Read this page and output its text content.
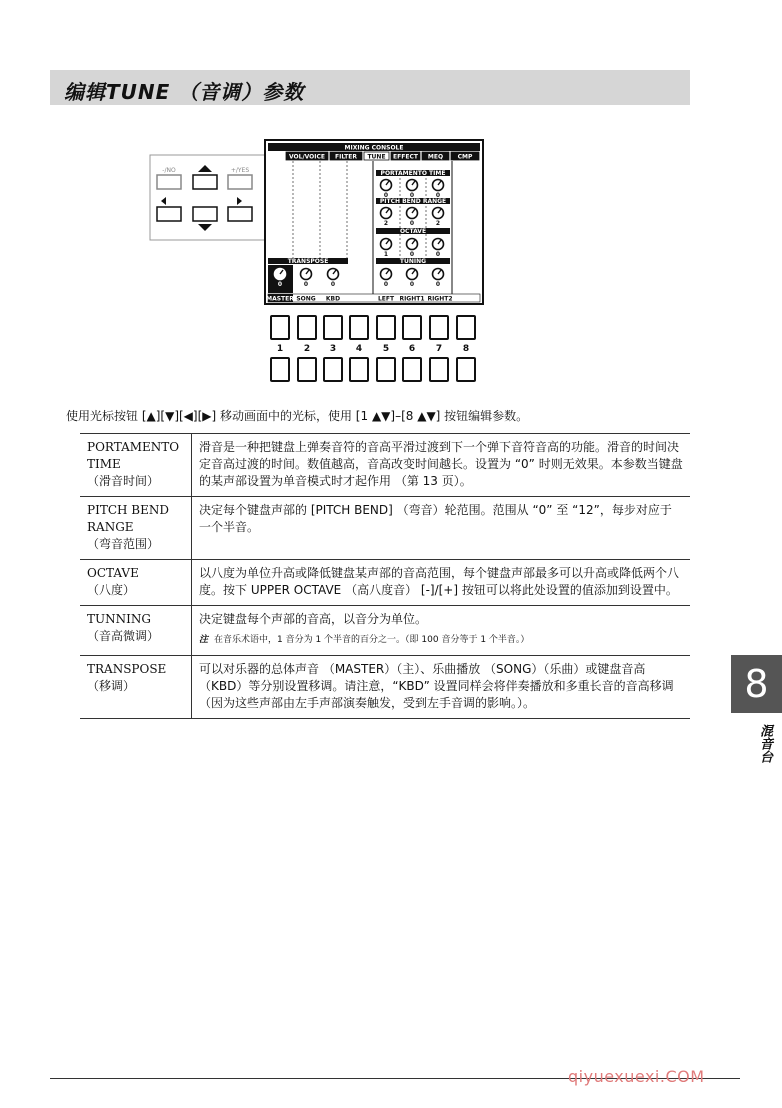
编辑TUNE （音调）参数
-/NO	+/YES
MIXING CONSOLE
VOL/VOICE FILTER TUNE EFFECT MEQ CMP
PORTAMENTO TIME
PITCH BEND RANGE
OCTAVE
TRANSPOSE	TUNING
0	0	0
2	0	2
1	0	0
0	0	0
0	0	0
MASTER SONG KBD	LEFT RIGHT1 RIGHT2
1	2	3	4	5	6	7	8
使用光标按钮 [▲][▼][◀][▶] 移动画面中的光标，使用 [1 ▲▼]–[8 ▲▼] 按钮编辑参数。
PORTAMENTO TIME
（滑音时间）	滑音是一种把键盘上弹奏音符的音高平滑过渡到下一个弹下音符音高的功能。滑音的时间决定音高过渡的时间。数值越高，音高改变时间越长。设置为 “0” 时则无效果。本参数当键盘的某声部设置为单音模式时才起作用 （第 13 页）。

PITCH BEND RANGE
（弯音范围）	决定每个键盘声部的 [PITCH BEND] （弯音）轮范围。范围从 “0” 至 “12”，每步对应于一个半音。

OCTAVE
（八度）	以八度为单位升高或降低键盘某声部的音高范围，每个键盘声部最多可以升高或降低两个八度。按下 UPPER OCTAVE （高八度音） [-]/[+] 按钮可以将此处设置的值添加到设置中。

TUNNING
（音高微调）	决定键盘每个声部的音高，以音分为单位。
注 在音乐术语中，1 音分为 1 个半音的百分之一。（即 100 音分等于 1 个半音。）

TRANSPOSE
（移调）	可以对乐器的总体声音 （MASTER）（主）、乐曲播放 （SONG）（乐曲）或键盘音高 （KBD）等分别设置移调。请注意，“KBD” 设置同样会将伴奏播放和多重长音的音高移调 （因为这些声部由左手声部演奏触发，受到左手音调的影响。）。	8
混音台
qiyuexuexi.COM
